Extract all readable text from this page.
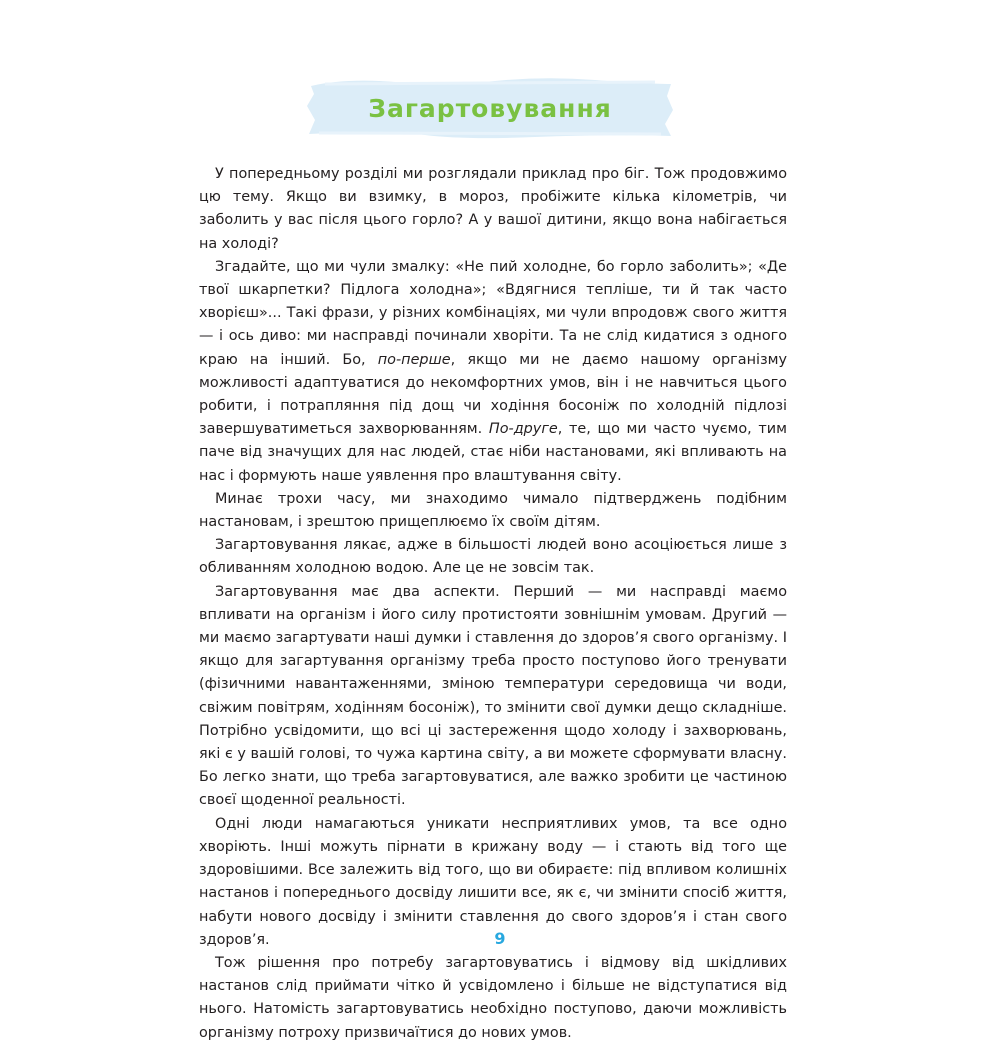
Загартовування

У попередньому розділі ми розглядали приклад про біг. Тож продовжимо цю тему. Якщо ви взимку, в мороз, пробіжите кілька кілометрів, чи заболить у вас після цього горло? А у вашої дитини, якщо вона набігається на холоді?

Згадайте, що ми чули змалку: «Не пий холодне, бо горло заболить»; «Де твої шкарпетки? Підлога холодна»; «Вдягнися тепліше, ти й так часто хворієш»... Такі фрази, у різних комбінаціях, ми чули впродовж свого життя — і ось диво: ми насправді починали хворіти. Та не слід кидатися з одного краю на інший. Бо, по-перше, якщо ми не даємо нашому організму можливості адаптуватися до некомфортних умов, він і не навчиться цього робити, і потрапляння під дощ чи ходіння босоніж по холодній підлозі завершуватиметься захворюванням. По-друге, те, що ми часто чуємо, тим паче від значущих для нас людей, стає ніби настановами, які впливають на нас і формують наше уявлення про влаштування світу.

Минає трохи часу, ми знаходимо чимало підтверджень подібним настановам, і зрештою прищеплюємо їх своїм дітям.

Загартовування лякає, адже в більшості людей воно асоціюється лише з обливанням холодною водою. Але це не зовсім так.

Загартовування має два аспекти. Перший — ми насправді маємо впливати на організм і його силу протистояти зовнішнім умовам. Другий — ми маємо загартувати наші думки і ставлення до здоров’я свого організму. І якщо для загартування організму треба просто поступово його тренувати (фізичними навантаженнями, зміною температури середовища чи води, свіжим повітрям, ходінням босоніж), то змінити свої думки дещо складніше. Потрібно усвідомити, що всі ці застереження щодо холоду і захворювань, які є у вашій голові, то чужа картина світу, а ви можете сформувати власну. Бо легко знати, що треба загартовуватися, але важко зробити це частиною своєї щоденної реальності.

Одні люди намагаються уникати несприятливих умов, та все одно хворіють. Інші можуть пірнати в крижану воду — і стають від того ще здоровішими. Все залежить від того, що ви обираєте: під впливом колишніх настанов і попереднього досвіду лишити все, як є, чи змінити спосіб життя, набути нового досвіду і змінити ставлення до свого здоров’я і стан свого здоров’я.

Тож рішення про потребу загартовуватись і відмову від шкідливих настанов слід приймати чітко й усвідомлено і більше не відступатися від нього. Натомість загартовуватись необхідно поступово, даючи можливість організму потроху призвичаїтися до нових умов.

9
